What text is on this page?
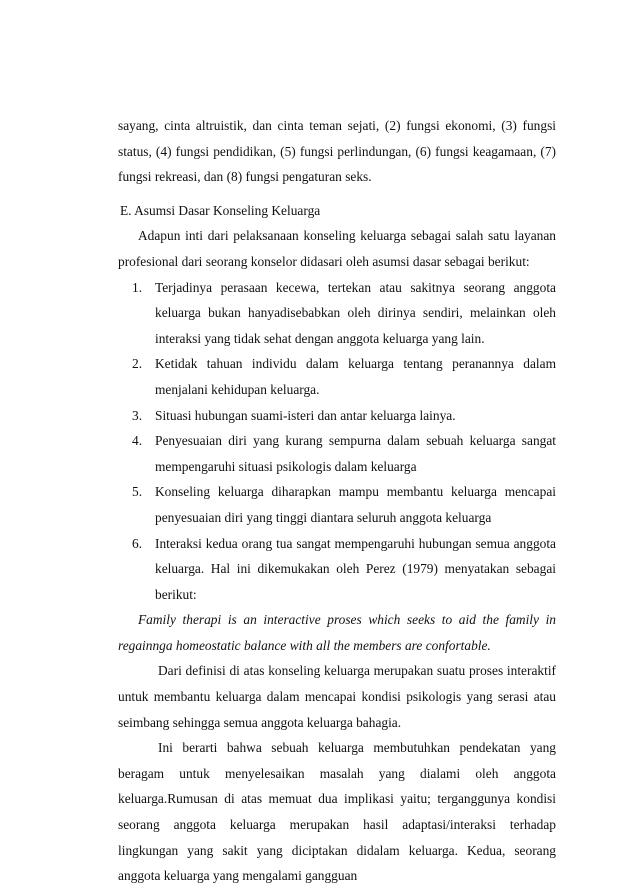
sayang, cinta altruistik, dan cinta teman sejati, (2) fungsi ekonomi, (3) fungsi status, (4) fungsi pendidikan, (5) fungsi perlindungan, (6) fungsi keagamaan, (7) fungsi rekreasi, dan (8) fungsi pengaturan seks.

E. Asumsi Dasar Konseling Keluarga

Adapun inti dari pelaksanaan konseling keluarga sebagai salah satu layanan profesional dari seorang konselor didasari oleh asumsi dasar sebagai berikut:

1. Terjadinya perasaan kecewa, tertekan atau sakitnya seorang anggota keluarga bukan hanyadisebabkan oleh dirinya sendiri, melainkan oleh interaksi yang tidak sehat dengan anggota keluarga yang lain.
2. Ketidak tahuan individu dalam keluarga tentang peranannya dalam menjalani kehidupan keluarga.
3. Situasi hubungan suami-isteri dan antar keluarga lainya.
4. Penyesuaian diri yang kurang sempurna dalam sebuah keluarga sangat mempengaruhi situasi psikologis dalam keluarga
5. Konseling keluarga diharapkan mampu membantu keluarga mencapai penyesuaian diri yang tinggi diantara seluruh anggota keluarga
6. Interaksi kedua orang tua sangat mempengaruhi hubungan semua anggota keluarga. Hal ini dikemukakan oleh Perez (1979) menyatakan sebagai berikut:

Family therapi is an interactive proses which seeks to aid the family in regainnga homeostatic balance with all the members are confortable.

Dari definisi di atas konseling keluarga merupakan suatu proses interaktif untuk membantu keluarga dalam mencapai kondisi psikologis yang serasi atau seimbang sehingga semua anggota keluarga bahagia.

Ini berarti bahwa sebuah keluarga membutuhkan pendekatan yang beragam untuk menyelesaikan masalah yang dialami oleh anggota keluarga.Rumusan di atas memuat dua implikasi yaitu; terganggunya kondisi seorang anggota keluarga merupakan hasil adaptasi/interaksi terhadap lingkungan yang sakit yang diciptakan didalam keluarga. Kedua, seorang anggota keluarga yang mengalami gangguan
